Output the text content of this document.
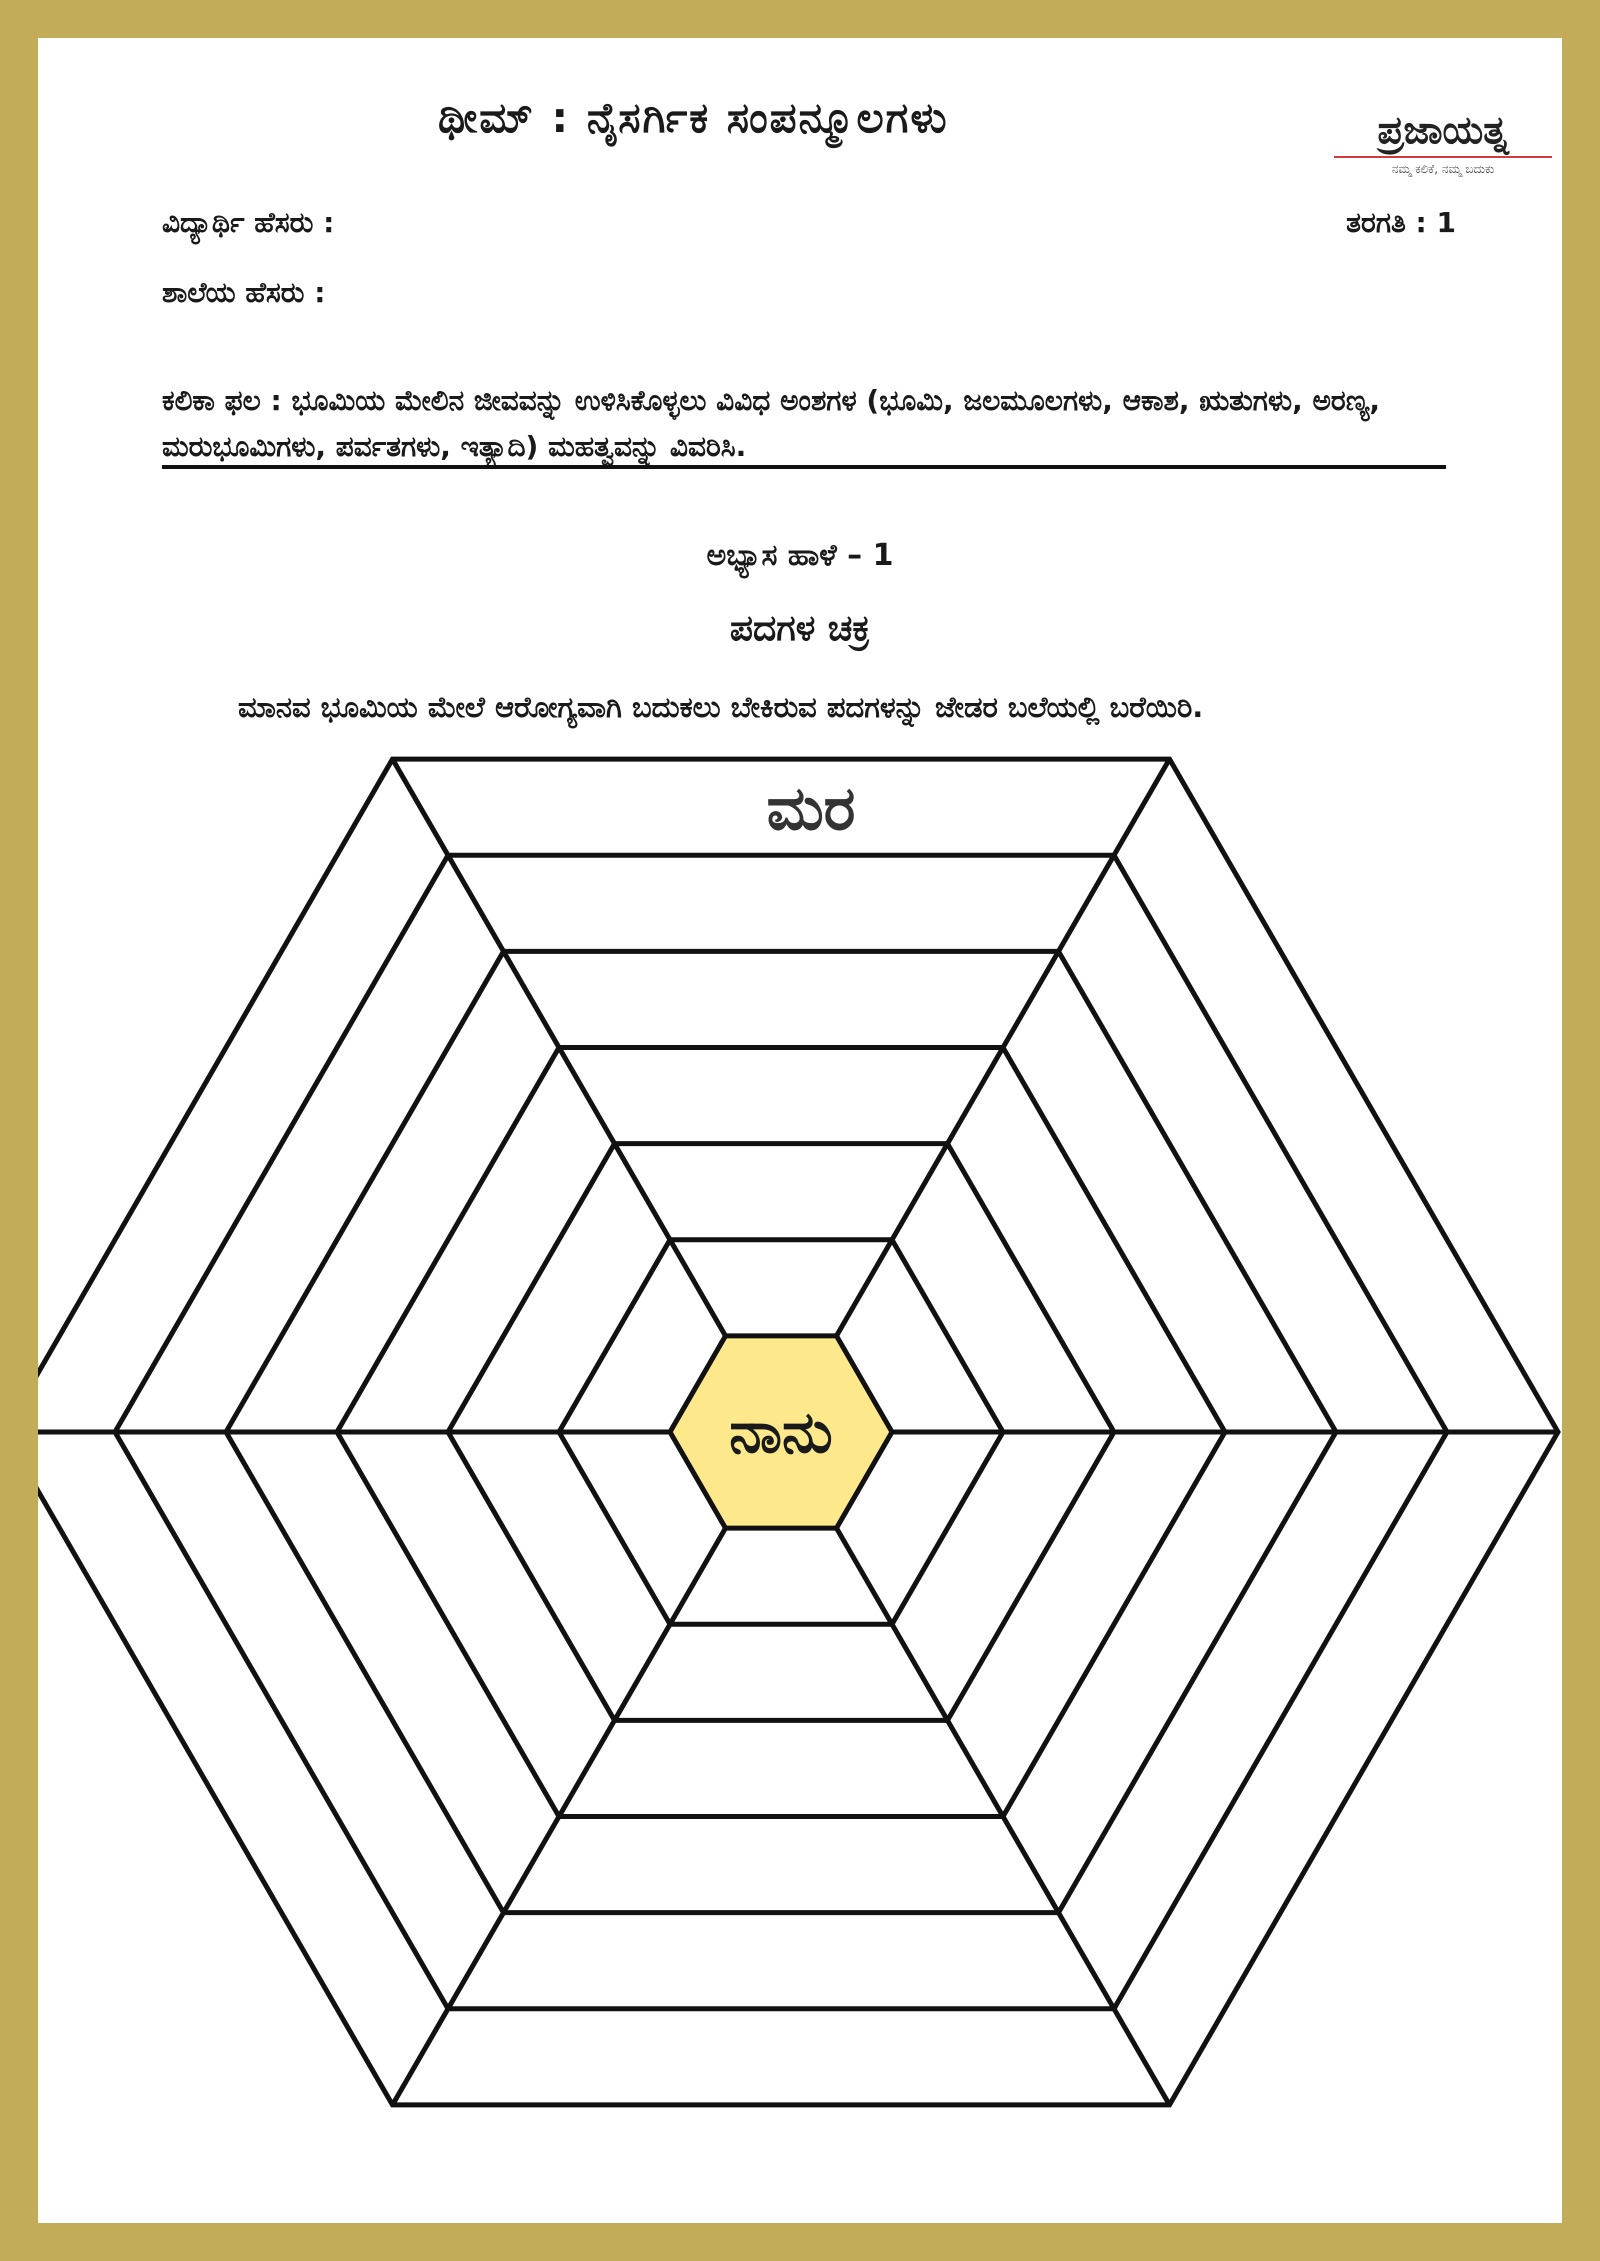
ಥೀಮ್ : ನೈಸರ್ಗಿಕ ಸಂಪನ್ಮೂಲಗಳು	ಪ್ರಜಾಯತ್ನ
ನಮ್ಮ ಕಲಿಕೆ, ನಮ್ಮ ಬದುಕು
ವಿದ್ಯಾರ್ಥಿ ಹೆಸರು :	ತರಗತಿ : 1
ಶಾಲೆಯ ಹೆಸರು :
ಕಲಿಕಾ ಫಲ : ಭೂಮಿಯ ಮೇಲಿನ ಜೀವವನ್ನು ಉಳಿಸಿಕೊಳ್ಳಲು ವಿವಿಧ ಅಂಶಗಳ (ಭೂಮಿ, ಜಲಮೂಲಗಳು, ಆಕಾಶ, ಋತುಗಳು, ಅರಣ್ಯ, ಮರುಭೂಮಿಗಳು, ಪರ್ವತಗಳು, ಇತ್ಯಾದಿ) ಮಹತ್ವವನ್ನು ವಿವರಿಸಿ.
ಅಭ್ಯಾಸ ಹಾಳೆ – 1
ಪದಗಳ ಚಕ್ರ
ಮಾನವ ಭೂಮಿಯ ಮೇಲೆ ಆರೋಗ್ಯವಾಗಿ ಬದುಕಲು ಬೇಕಿರುವ ಪದಗಳನ್ನು ಜೇಡರ ಬಲೆಯಲ್ಲಿ ಬರೆಯಿರಿ.
ನಾನು
ಮರ
